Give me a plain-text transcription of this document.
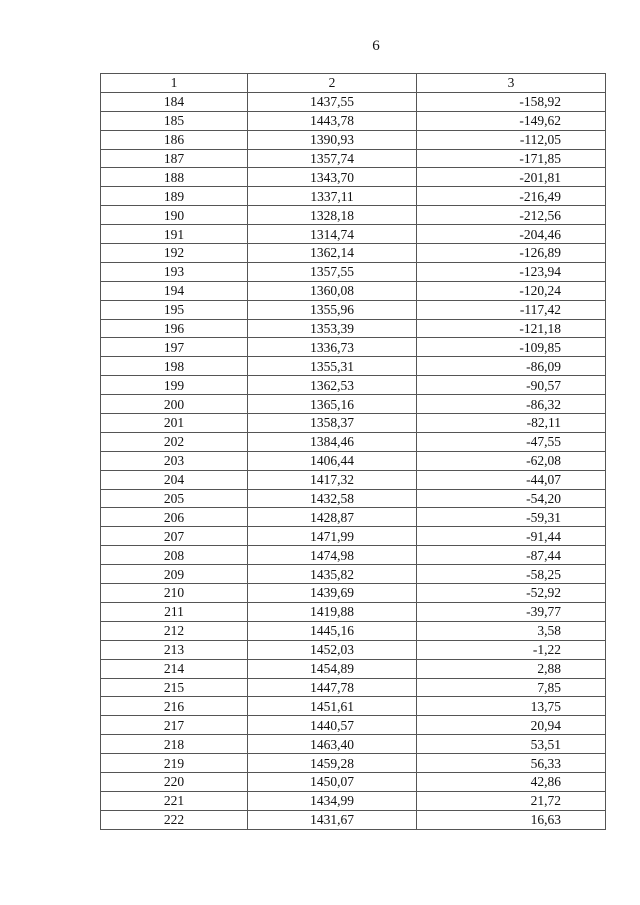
6
1	2	3
184	1437,55	-158,92
185	1443,78	-149,62
186	1390,93	-112,05
187	1357,74	-171,85
188	1343,70	-201,81
189	1337,11	-216,49
190	1328,18	-212,56
191	1314,74	-204,46
192	1362,14	-126,89
193	1357,55	-123,94
194	1360,08	-120,24
195	1355,96	-117,42
196	1353,39	-121,18
197	1336,73	-109,85
198	1355,31	-86,09
199	1362,53	-90,57
200	1365,16	-86,32
201	1358,37	-82,11
202	1384,46	-47,55
203	1406,44	-62,08
204	1417,32	-44,07
205	1432,58	-54,20
206	1428,87	-59,31
207	1471,99	-91,44
208	1474,98	-87,44
209	1435,82	-58,25
210	1439,69	-52,92
211	1419,88	-39,77
212	1445,16	3,58
213	1452,03	-1,22
214	1454,89	2,88
215	1447,78	7,85
216	1451,61	13,75
217	1440,57	20,94
218	1463,40	53,51
219	1459,28	56,33
220	1450,07	42,86
221	1434,99	21,72
222	1431,67	16,63
